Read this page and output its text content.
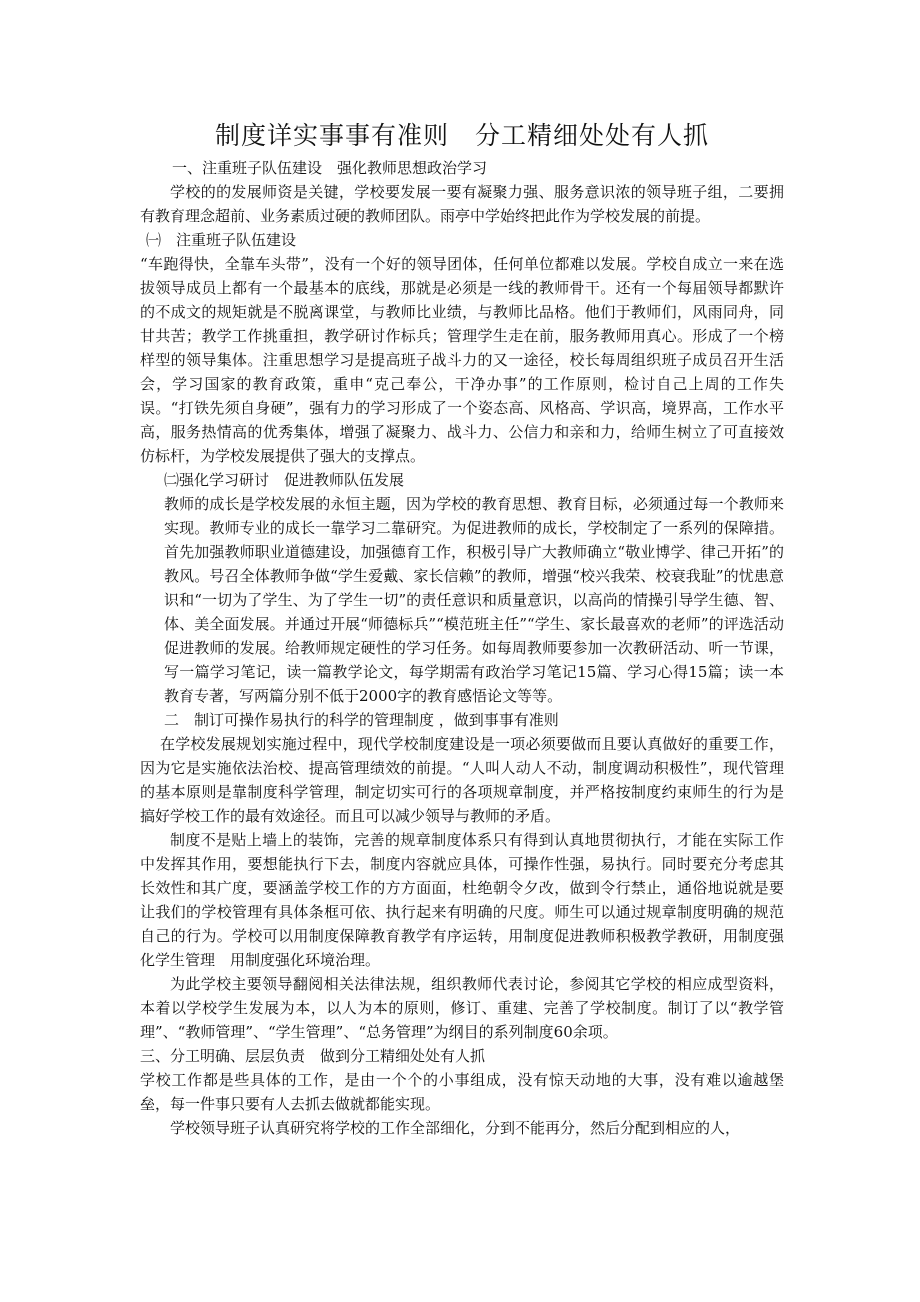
制度详实事事有准则　分工精细处处有人抓

一、注重班子队伍建设　强化教师思想政治学习

学校的的发展师资是关键，学校要发展一要有凝聚力强、服务意识浓的领导班子组，二要拥有教育理念超前、业务素质过硬的教师团队。雨亭中学始终把此作为学校发展的前提。

㈠　注重班子队伍建设

“车跑得快，全靠车头带”，没有一个好的领导团体，任何单位都难以发展。学校自成立一来在选拔领导成员上都有一个最基本的底线，那就是必须是一线的教师骨干。还有一个每届领导都默许的不成文的规矩就是不脱离课堂，与教师比业绩，与教师比品格。他们于教师们，风雨同舟，同甘共苦；教学工作挑重担，教学研讨作标兵；管理学生走在前，服务教师用真心。形成了一个榜样型的领导集体。注重思想学习是提高班子战斗力的又一途径，校长每周组织班子成员召开生活会，学习国家的教育政策，重申“克己奉公，干净办事”的工作原则，检讨自己上周的工作失误。“打铁先须自身硬”，强有力的学习形成了一个姿态高、风格高、学识高，境界高，工作水平高，服务热情高的优秀集体，增强了凝聚力、战斗力、公信力和亲和力，给师生树立了可直接效仿标杆，为学校发展提供了强大的支撑点。

㈡强化学习研讨　促进教师队伍发展

教师的成长是学校发展的永恒主题，因为学校的教育思想、教育目标，必须通过每一个教师来实现。教师专业的成长一靠学习二靠研究。为促进教师的成长，学校制定了一系列的保障措。首先加强教师职业道德建设，加强德育工作，积极引导广大教师确立“敬业博学、律己开拓”的教风。号召全体教师争做“学生爱戴、家长信赖”的教师，增强“校兴我荣、校衰我耻”的忧患意识和“一切为了学生、为了学生一切”的责任意识和质量意识，以高尚的情操引导学生德、智、体、美全面发展。并通过开展“师德标兵”“模范班主任”“学生、家长最喜欢的老师”的评选活动促进教师的发展。给教师规定硬性的学习任务。如每周教师要参加一次教研活动、听一节课，写一篇学习笔记，读一篇教学论文，每学期需有政治学习笔记15篇、学习心得15篇；读一本教育专著，写两篇分别不低于2000字的教育感悟论文等等。

二　制订可操作易执行的科学的管理制度 ，做到事事有准则

在学校发展规划实施过程中，现代学校制度建设是一项必须要做而且要认真做好的重要工作，因为它是实施依法治校、提高管理绩效的前提。“人叫人动人不动，制度调动积极性”，现代管理的基本原则是靠制度科学管理，制定切实可行的各项规章制度，并严格按制度约束师生的行为是搞好学校工作的最有效途径。而且可以减少领导与教师的矛盾。

制度不是贴上墙上的装饰，完善的规章制度体系只有得到认真地贯彻执行，才能在实际工作中发挥其作用，要想能执行下去，制度内容就应具体，可操作性强，易执行。同时要充分考虑其长效性和其广度，要涵盖学校工作的方方面面，杜绝朝令夕改，做到令行禁止，通俗地说就是要让我们的学校管理有具体条框可依、执行起来有明确的尺度。师生可以通过规章制度明确的规范自己的行为。学校可以用制度保障教育教学有序运转，用制度促进教师积极教学教研，用制度强化学生管理　用制度强化环境治理。

为此学校主要领导翻阅相关法律法规，组织教师代表讨论，参阅其它学校的相应成型资料，本着以学校学生发展为本，以人为本的原则，修订、重建、完善了学校制度。制订了以“教学管理”、“教师管理”、“学生管理”、“总务管理”为纲目的系列制度60余项。

三、分工明确、层层负责　做到分工精细处处有人抓

学校工作都是些具体的工作，是由一个个的小事组成，没有惊天动地的大事，没有难以逾越堡垒，每一件事只要有人去抓去做就都能实现。

学校领导班子认真研究将学校的工作全部细化，分到不能再分，然后分配到相应的人，
